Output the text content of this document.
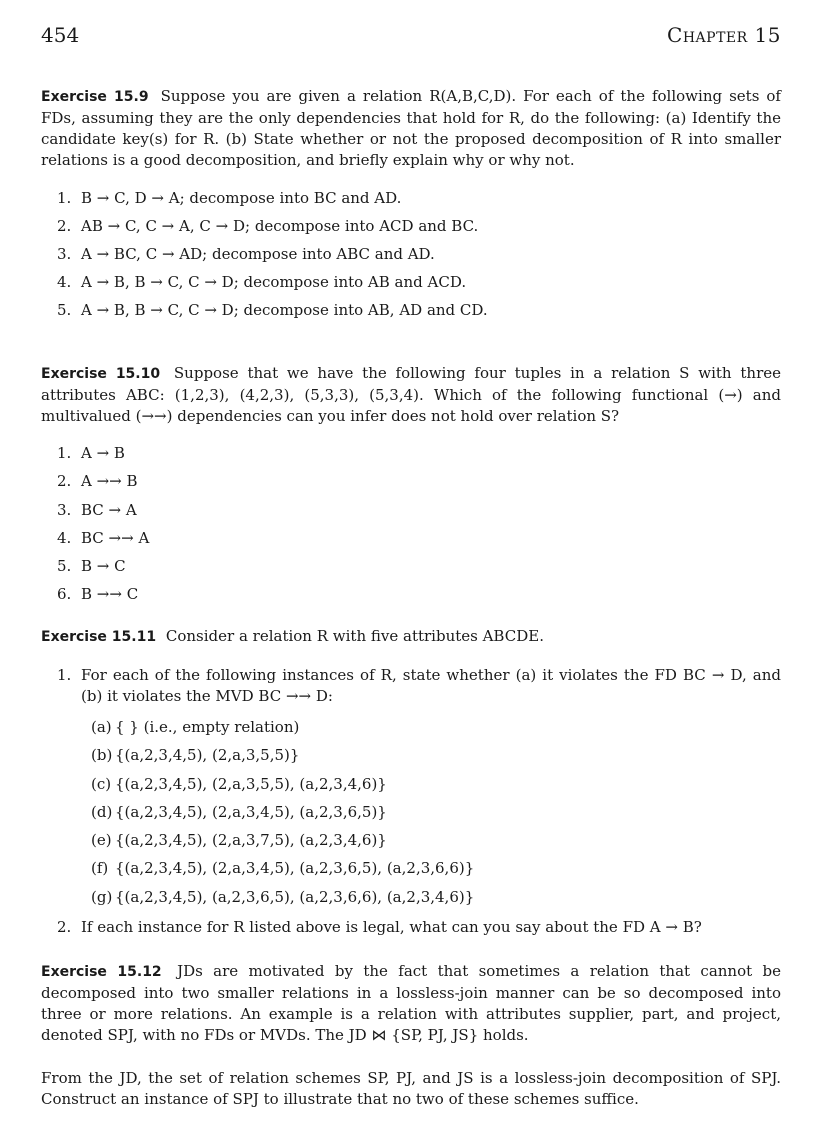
454	Chapter 15

Exercise 15.9 Suppose you are given a relation R(A,B,C,D). For each of the following sets of FDs, assuming they are the only dependencies that hold for R, do the following: (a) Identify the candidate key(s) for R. (b) State whether or not the proposed decomposition of R into smaller relations is a good decomposition, and briefly explain why or why not.

1. B → C, D → A; decompose into BC and AD.
2. AB → C, C → A, C → D; decompose into ACD and BC.
3. A → BC, C → AD; decompose into ABC and AD.
4. A → B, B → C, C → D; decompose into AB and ACD.
5. A → B, B → C, C → D; decompose into AB, AD and CD.

Exercise 15.10 Suppose that we have the following four tuples in a relation S with three attributes ABC: (1,2,3), (4,2,3), (5,3,3), (5,3,4). Which of the following functional (→) and multivalued (→→) dependencies can you infer does not hold over relation S?

1. A → B
2. A →→ B
3. BC → A
4. BC →→ A
5. B → C
6. B →→ C

Exercise 15.11 Consider a relation R with five attributes ABCDE.

1. For each of the following instances of R, state whether (a) it violates the FD BC → D, and (b) it violates the MVD BC →→ D:
(a) { } (i.e., empty relation)
(b) {(a,2,3,4,5), (2,a,3,5,5)}
(c) {(a,2,3,4,5), (2,a,3,5,5), (a,2,3,4,6)}
(d) {(a,2,3,4,5), (2,a,3,4,5), (a,2,3,6,5)}
(e) {(a,2,3,4,5), (2,a,3,7,5), (a,2,3,4,6)}
(f) {(a,2,3,4,5), (2,a,3,4,5), (a,2,3,6,5), (a,2,3,6,6)}
(g) {(a,2,3,4,5), (a,2,3,6,5), (a,2,3,6,6), (a,2,3,4,6)}
2. If each instance for R listed above is legal, what can you say about the FD A → B?

Exercise 15.12 JDs are motivated by the fact that sometimes a relation that cannot be decomposed into two smaller relations in a lossless-join manner can be so decomposed into three or more relations. An example is a relation with attributes supplier, part, and project, denoted SPJ, with no FDs or MVDs. The JD ⋈ {SP, PJ, JS} holds.

From the JD, the set of relation schemes SP, PJ, and JS is a lossless-join decomposition of SPJ. Construct an instance of SPJ to illustrate that no two of these schemes suffice.
